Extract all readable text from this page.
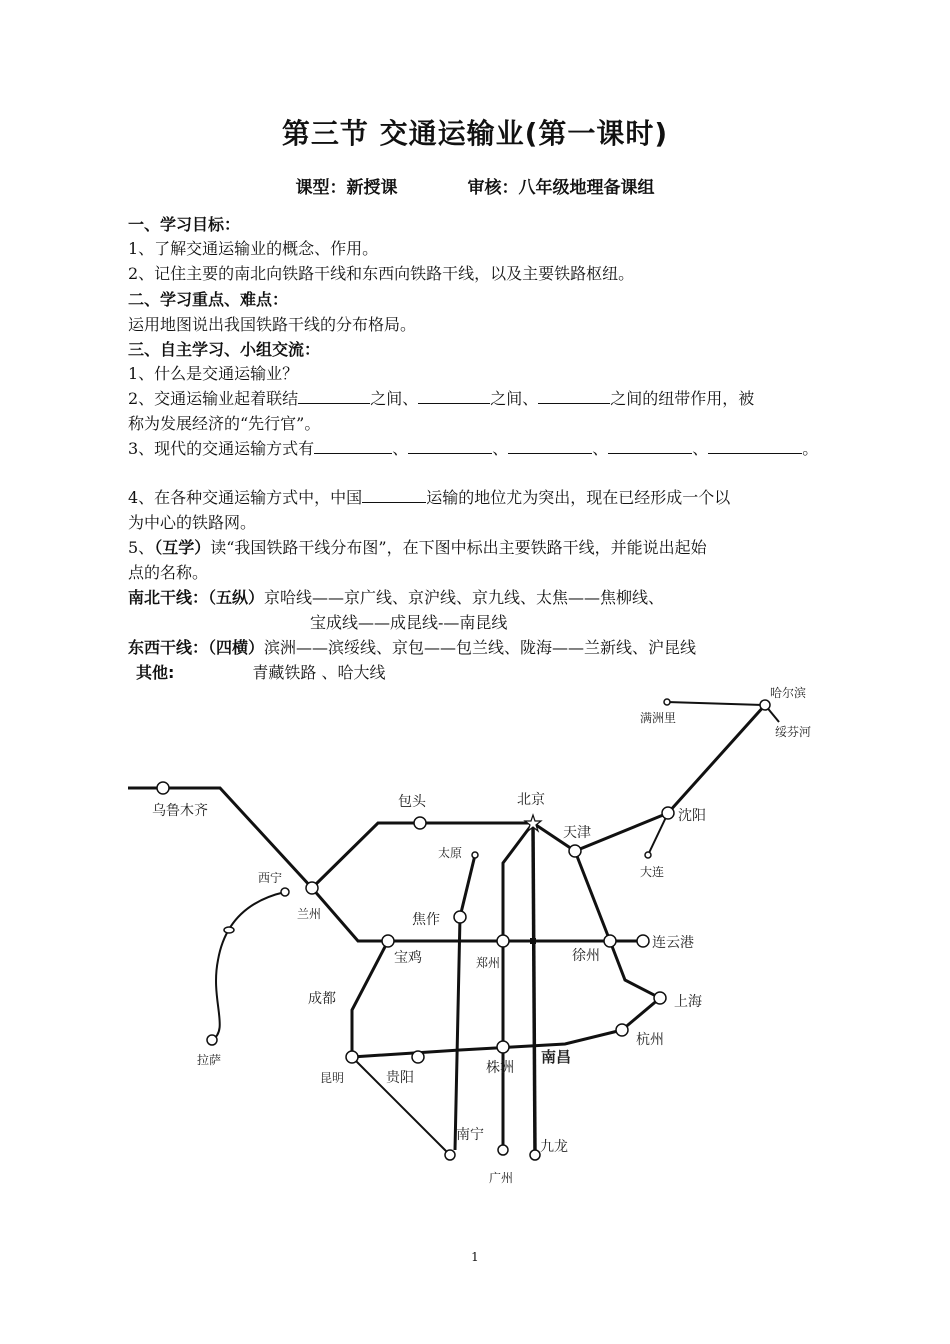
第三节 交通运输业(第一课时)
课型：新授课	审核：八年级地理备课组
一、学习目标：
1、了解交通运输业的概念、作用。
2、记住主要的南北向铁路干线和东西向铁路干线，以及主要铁路枢纽。
二、学习重点、难点：
运用地图说出我国铁路干线的分布格局。
三、自主学习、小组交流：
1、什么是交通运输业？
2、交通运输业起着联结	之间、	之间、	之间的纽带作用，被
称为发展经济的“先行官”。
3、现代的交通运输方式有	、	、	、	、	。
4、在各种交通运输方式中，中国	运输的地位尤为突出，现在已经形成一个以
为中心的铁路网。
5、（互学）读“我国铁路干线分布图”，在下图中标出主要铁路干线，并能说出起始
点的名称。
南北干线：（五纵）京哈线——京广线、京沪线、京九线、太焦——焦柳线、
宝成线——成昆线-—南昆线
东西干线：（四横）滨洲——滨绥线、京包——包兰线、陇海——兰新线、沪昆线
其他:	青藏铁路 、哈大线
哈尔滨
满洲里
绥芬河
乌鲁木齐
包头	北京
天津
沈阳
大连
太原
西宁
兰州	焦作
宝鸡	郑州	徐州
连云港
成都	上海
杭州
拉萨
昆明	贵阳
株洲
南昌
南宁
九龙
广州
1
